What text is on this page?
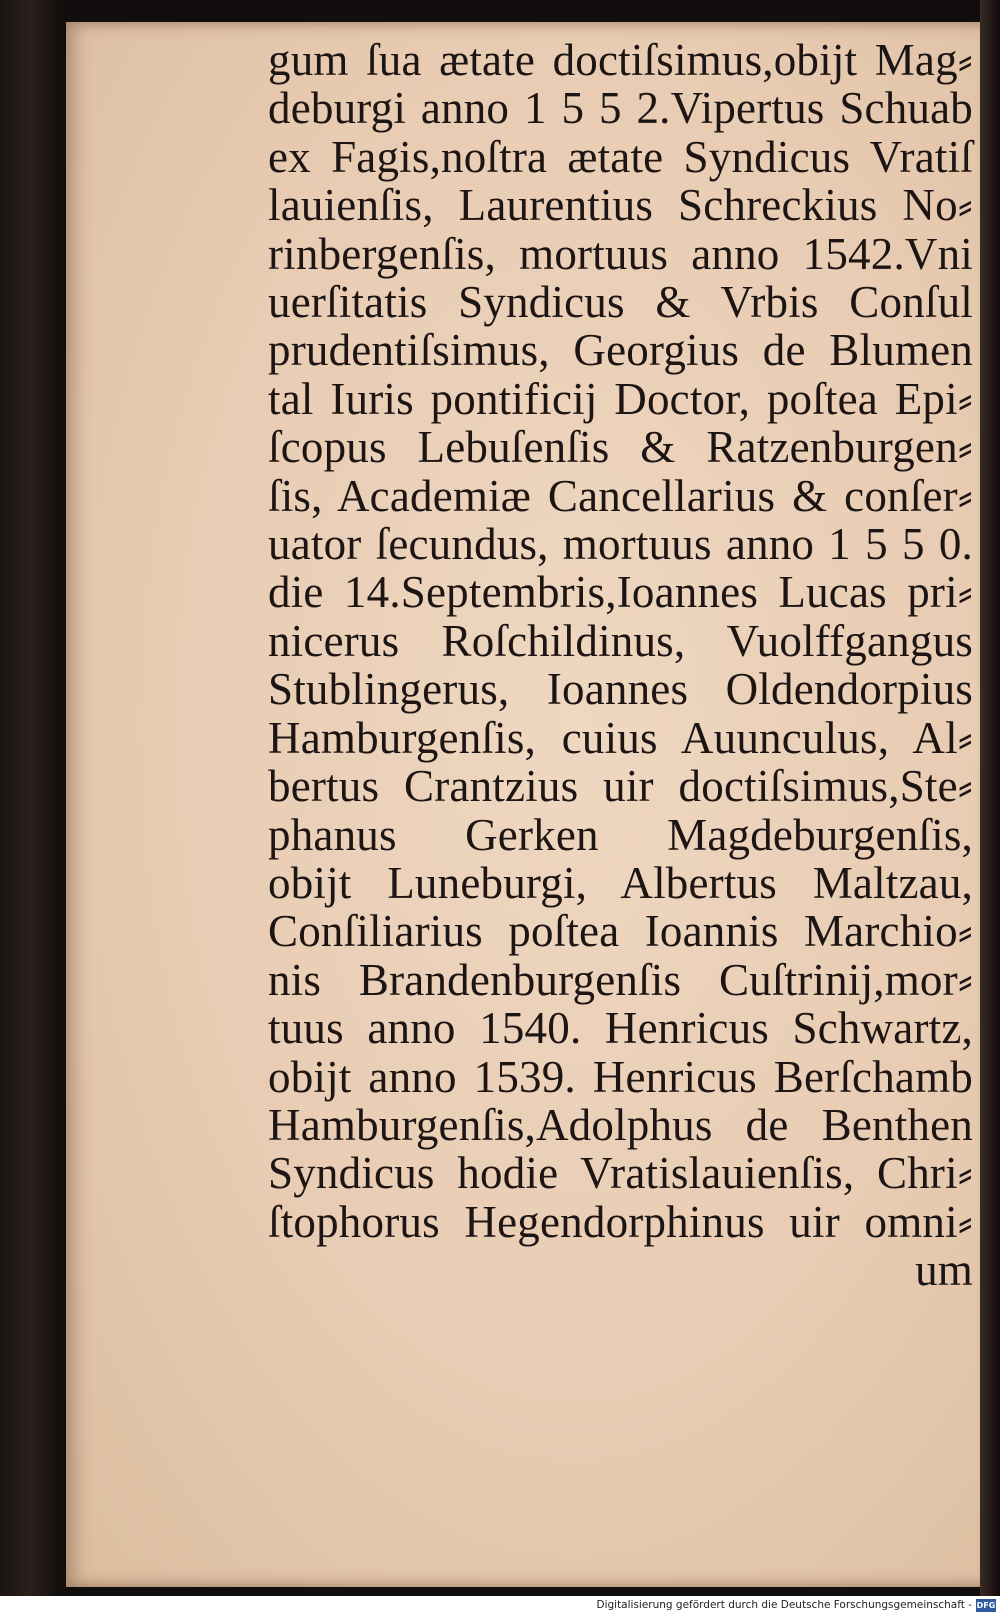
gum ſua ætate doctiſsimus,obijt Mag⸗
deburgi anno 1 5 5 2.Vipertus Schuab
ex Fagis,noſtra ætate Syndicus Vratiſ
lauienſis, Laurentius Schreckius No⸗
rinbergenſis, mortuus anno 1542.Vni
uerſitatis Syndicus & Vrbis Conſul
prudentiſsimus, Georgius de Blumen
tal Iuris pontificij Doctor, poſtea Epi⸗
ſcopus Lebuſenſis & Ratzenburgen⸗
ſis, Academiæ Cancellarius & conſer⸗
uator ſecundus, mortuus anno 1 5 5 0.
die 14.Septembris,Ioannes Lucas pri⸗
nicerus Roſchildinus, Vuolffgangus
Stublingerus, Ioannes Oldendorpius
Hamburgenſis, cuius Auunculus, Al⸗
bertus Crantzius uir doctiſsimus,Ste⸗
phanus Gerken Magdeburgenſis,
obijt Luneburgi, Albertus Maltzau,
Conſiliarius poſtea Ioannis Marchio⸗
nis Brandenburgenſis Cuſtrinij,mor⸗
tuus anno 1540. Henricus Schwartz,
obijt anno 1539. Henricus Berſchamb
Hamburgenſis,Adolphus de Benthen
Syndicus hodie Vratislauienſis, Chri⸗
ſtophorus Hegendorphinus uir omni⸗
um
Digitalisierung gefördert durch die Deutsche Forschungsgemeinschaft - DFG
